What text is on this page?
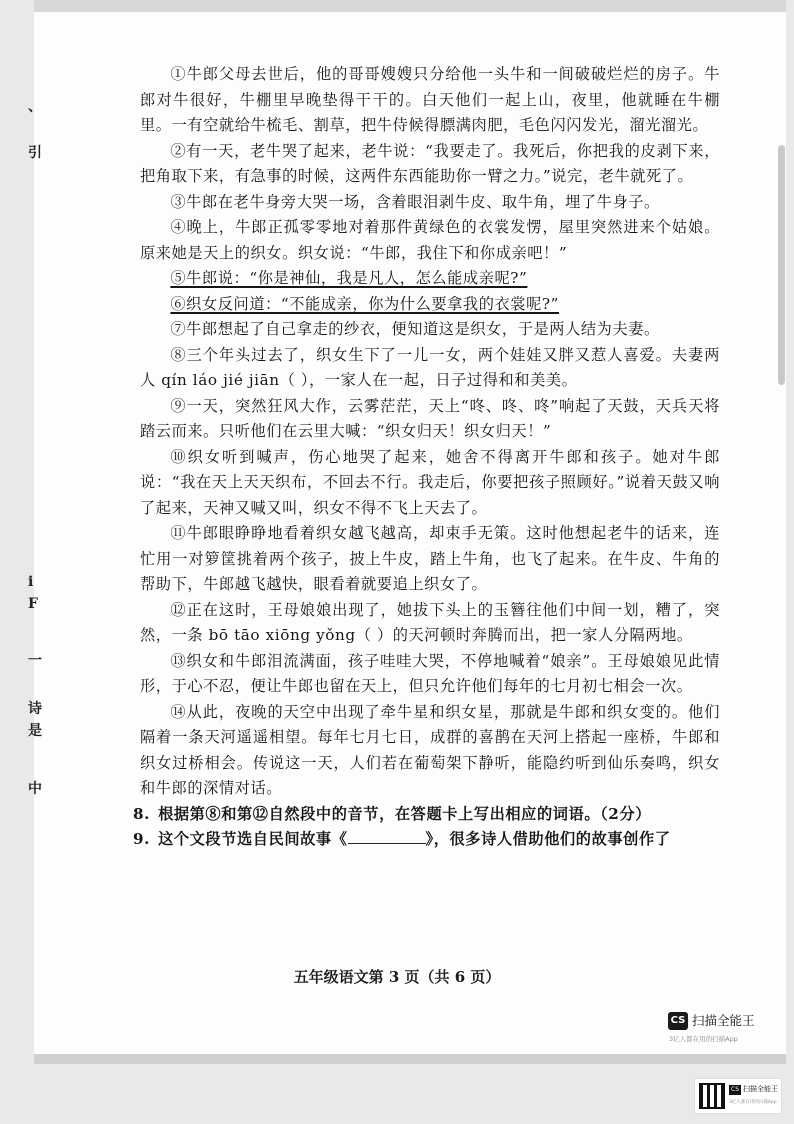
、
引
i
F
一
诗
是
中

①牛郎父母去世后，他的哥哥嫂嫂只分给他一头牛和一间破破烂烂的房子。牛郎对牛很好，牛棚里早晚垫得干干的。白天他们一起上山，夜里，他就睡在牛棚里。一有空就给牛梳毛、割草，把牛侍候得膘满肉肥，毛色闪闪发光，溜光溜光。

②有一天，老牛哭了起来，老牛说：“我要走了。我死后，你把我的皮剥下来，把角取下来，有急事的时候，这两件东西能助你一臂之力。”说完，老牛就死了。

③牛郎在老牛身旁大哭一场，含着眼泪剥牛皮、取牛角，埋了牛身子。

④晚上，牛郎正孤零零地对着那件黄绿色的衣裳发愣，屋里突然进来个姑娘。原来她是天上的织女。织女说：“牛郎，我住下和你成亲吧！”

⑤牛郎说：“你是神仙，我是凡人，怎么能成亲呢?”

⑥织女反问道：“不能成亲，你为什么要拿我的衣裳呢?”

⑦牛郎想起了自己拿走的纱衣，便知道这是织女，于是两人结为夫妻。

⑧三个年头过去了，织女生下了一儿一女，两个娃娃又胖又惹人喜爱。夫妻两人 qín láo jié jiān（ ），一家人在一起，日子过得和和美美。

⑨一天，突然狂风大作，云雾茫茫，天上“咚、咚、咚”响起了天鼓，天兵天将踏云而来。只听他们在云里大喊：“织女归天！织女归天！”

⑩织女听到喊声，伤心地哭了起来，她舍不得离开牛郎和孩子。她对牛郎说：“我在天上天天织布，不回去不行。我走后，你要把孩子照顾好。”说着天鼓又响了起来，天神又喊又叫，织女不得不飞上天去了。

⑪牛郎眼睁睁地看着织女越飞越高，却束手无策。这时他想起老牛的话来，连忙用一对箩筐挑着两个孩子，披上牛皮，踏上牛角，也飞了起来。在牛皮、牛角的帮助下，牛郎越飞越快，眼看着就要追上织女了。

⑫正在这时，王母娘娘出现了，她拔下头上的玉簪往他们中间一划，糟了，突然，一条 bō tāo xiōng yǒng（ ）的天河顿时奔腾而出，把一家人分隔两地。

⑬织女和牛郎泪流满面，孩子哇哇大哭，不停地喊着“娘亲”。王母娘娘见此情形，于心不忍，便让牛郎也留在天上，但只允许他们每年的七月初七相会一次。

⑭从此，夜晚的天空中出现了牵牛星和织女星，那就是牛郎和织女变的。他们隔着一条天河遥遥相望。每年七月七日，成群的喜鹊在天河上搭起一座桥，牛郎和织女过桥相会。传说这一天，人们若在葡萄架下静听，能隐约听到仙乐奏鸣，织女和牛郎的深情对话。

8. 根据第⑧和第⑫自然段中的音节，在答题卡上写出相应的词语。（2分）

9. 这个文段节选自民间故事《	》，很多诗人借助他们的故事创作了

五年级语文第 3 页（共 6 页）
CS 扫描全能王
3亿人都在用的扫描App
CS 扫描全能王
3亿人都在用的扫描App
